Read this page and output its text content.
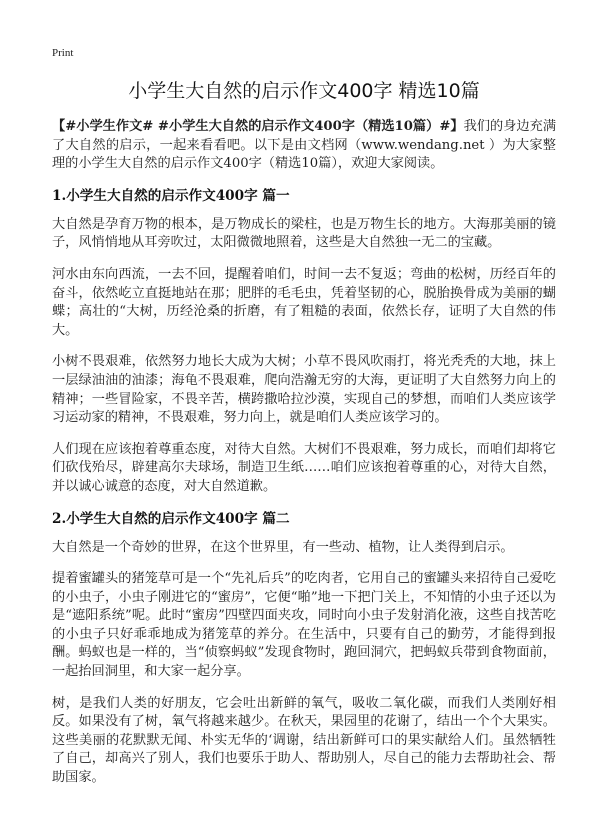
Print
小学生大自然的启示作文400字 精选10篇

【#小学生作文# #小学生大自然的启示作文400字（精选10篇）#】我们的身边充满了大自然的启示，一起来看看吧。以下是由文档网（www.wendang.net ）为大家整理的小学生大自然的启示作文400字（精选10篇），欢迎大家阅读。

1.小学生大自然的启示作文400字 篇一

大自然是孕育万物的根本，是万物成长的梁柱，也是万物生长的地方。大海那美丽的镜子，风悄悄地从耳旁吹过，太阳微微地照着，这些是大自然独一无二的宝藏。

河水由东向西流，一去不回，提醒着咱们，时间一去不复返；弯曲的松树，历经百年的奋斗，依然屹立直挺地站在那；肥胖的毛毛虫，凭着坚韧的心，脱胎换骨成为美丽的蝴蝶；高壮的“大树，历经沧桑的折磨，有了粗糙的表面，依然长存，证明了大自然的伟大。

小树不畏艰难，依然努力地长大成为大树；小草不畏风吹雨打，将光秃秃的大地，抹上一层绿油油的油漆；海龟不畏艰难，爬向浩瀚无穷的大海，更证明了大自然努力向上的精神；一些冒险家，不畏辛苦，横跨撒哈拉沙漠，实现自己的梦想，而咱们人类应该学习运动家的精神，不畏艰难，努力向上，就是咱们人类应该学习的。

人们现在应该抱着尊重态度，对待大自然。大树们不畏艰难，努力成长，而咱们却将它们砍伐殆尽，辟建高尔夫球场，制造卫生纸……咱们应该抱着尊重的心，对待大自然，并以诚心诚意的态度，对大自然道歉。

2.小学生大自然的启示作文400字 篇二

大自然是一个奇妙的世界，在这个世界里，有一些动、植物，让人类得到启示。

提着蜜罐头的猪笼草可是一个“先礼后兵”的吃肉者，它用自己的蜜罐头来招待自己爱吃的小虫子，小虫子刚进它的“蜜房”，它便“啪”地一下把门关上，不知情的小虫子还以为是“遮阳系统”呢。此时“蜜房”四壁四面夹攻，同时向小虫子发射消化液，这些自找苦吃的小虫子只好乖乖地成为猪笼草的养分。在生活中，只要有自己的勤劳，才能得到报酬。蚂蚁也是一样的，当“侦察蚂蚁”发现食物时，跑回洞穴，把蚂蚁兵带到食物面前，一起抬回洞里，和大家一起分享。

树，是我们人类的好朋友，它会吐出新鲜的氧气，吸收二氧化碳，而我们人类刚好相反。如果没有了树，氧气将越来越少。在秋天，果园里的花谢了，结出一个个大果实。这些美丽的花默默无闻、朴实无华的‘调谢，结出新鲜可口的果实献给人们。虽然牺牲了自己，却高兴了别人，我们也要乐于助人、帮助别人，尽自己的能力去帮助社会、帮助国家。
